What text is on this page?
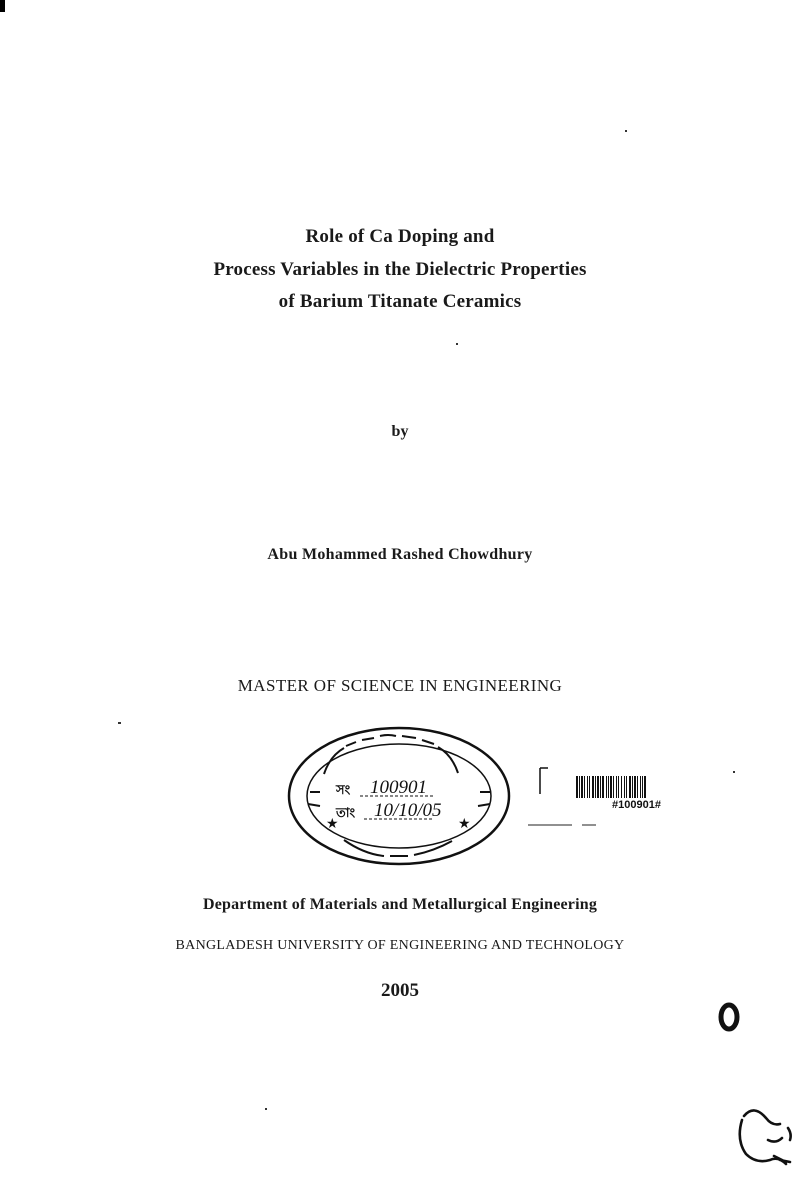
Role of Ca Doping and
Process Variables in the Dielectric Properties
of Barium Titanate Ceramics
by
Abu Mohammed Rashed Chowdhury
MASTER OF SCIENCE IN ENGINEERING
★	★
সং
তাং
100901
10/10/05	#100901#
Department of Materials and Metallurgical Engineering
BANGLADESH UNIVERSITY OF ENGINEERING AND TECHNOLOGY
2005
